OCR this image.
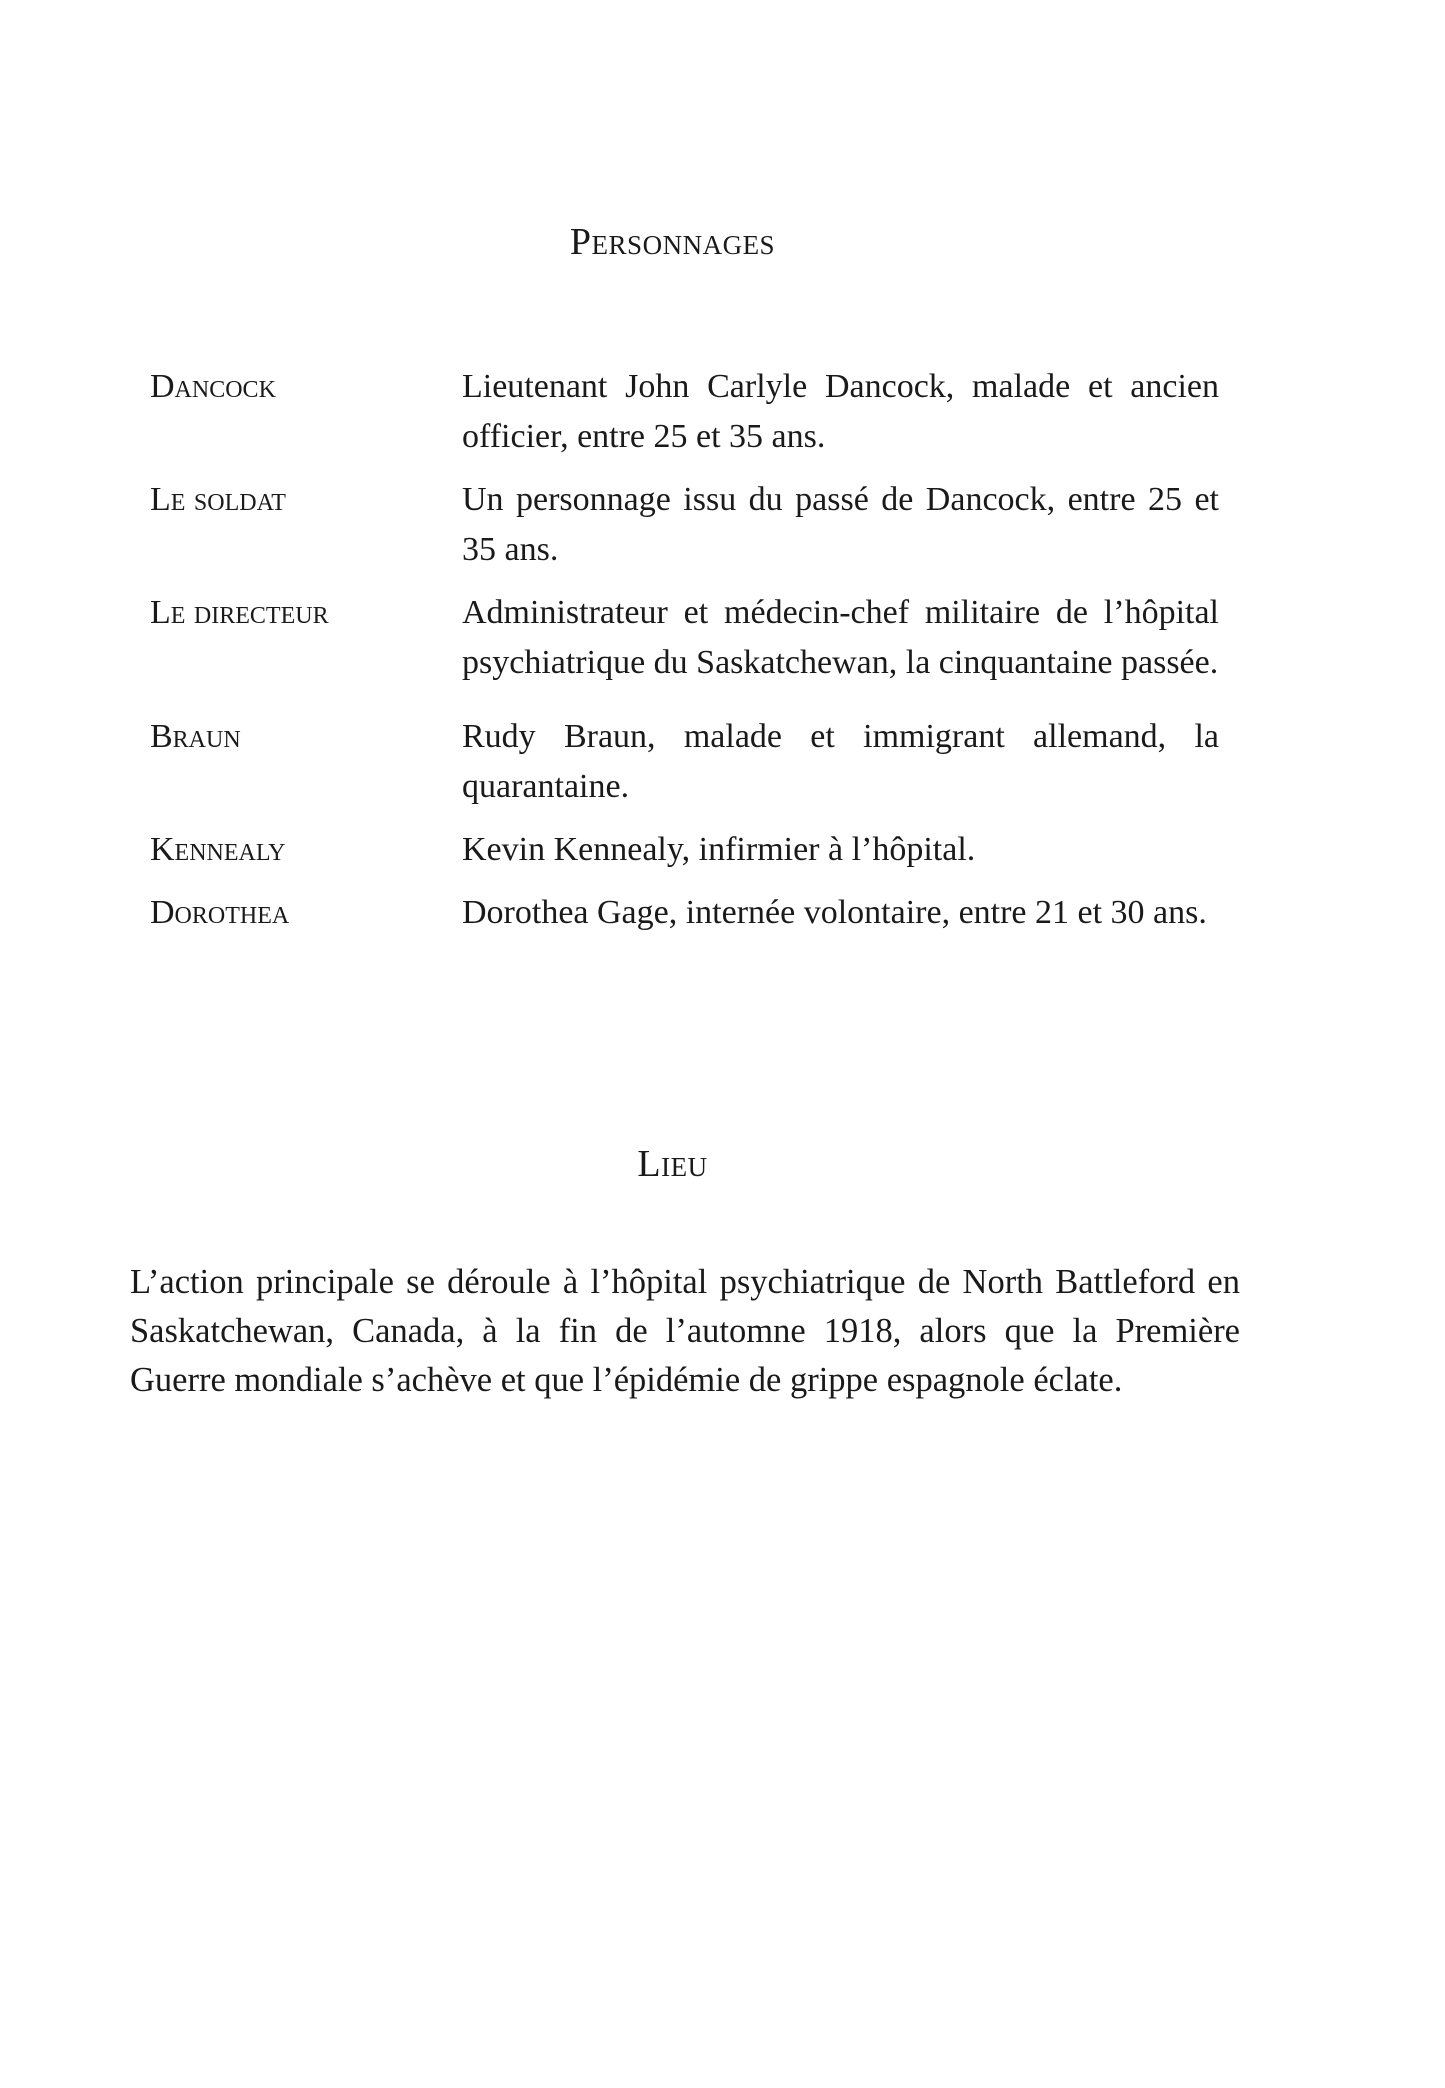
Personnages
Dancock	Lieutenant John Carlyle Dancock, malade et ancien officier, entre 25 et 35 ans.
Le soldat	Un personnage issu du passé de Dancock, entre 25 et 35 ans.
Le directeur	Administrateur et médecin-chef militaire de l’hôpital psychiatrique du Saskatchewan, la cinquantaine passée.
Braun	Rudy Braun, malade et immigrant allemand, la quarantaine.
Kennealy	Kevin Kennealy, infirmier à l’hôpital.
Dorothea	Dorothea Gage, internée volontaire, entre 21 et 30 ans.
Lieu
L’action principale se déroule à l’hôpital psychiatrique de North Battleford en Saskatchewan, Canada, à la fin de l’automne 1918, alors que la Première Guerre mondiale s’achève et que l’épidémie de grippe espagnole éclate.
